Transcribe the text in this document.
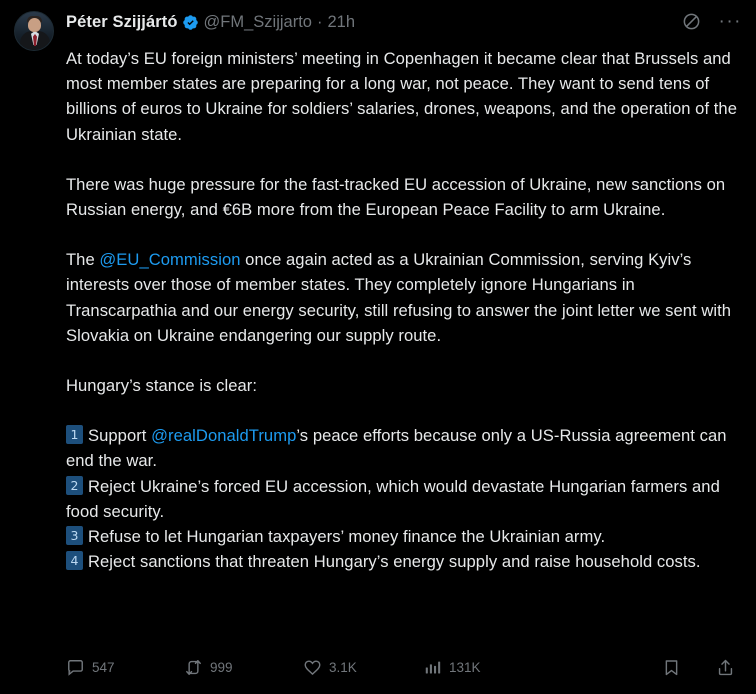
Péter Szijjártó @FM_Szijjarto · 21h	···

At today’s EU foreign ministers’ meeting in Copenhagen it became clear that Brussels and most member states are preparing for a long war, not peace. They want to send tens of billions of euros to Ukraine for soldiers’ salaries, drones, weapons, and the operation of the Ukrainian state.

There was huge pressure for the fast-tracked EU accession of Ukraine, new sanctions on Russian energy, and €6B more from the European Peace Facility to arm Ukraine.

The @EU_Commission once again acted as a Ukrainian Commission, serving Kyiv’s interests over those of member states. They completely ignore Hungarians in Transcarpathia and our energy security, still refusing to answer the joint letter we sent with Slovakia on Ukraine endangering our supply route.

Hungary’s stance is clear:

1 Support @realDonaldTrump’s peace efforts because only a US-Russia agreement can end the war.
2 Reject Ukraine’s forced EU accession, which would devastate Hungarian farmers and food security.
3 Refuse to let Hungarian taxpayers’ money finance the Ukrainian army.
4 Reject sanctions that threaten Hungary’s energy supply and raise household costs.

547	999	3.1K	131K
